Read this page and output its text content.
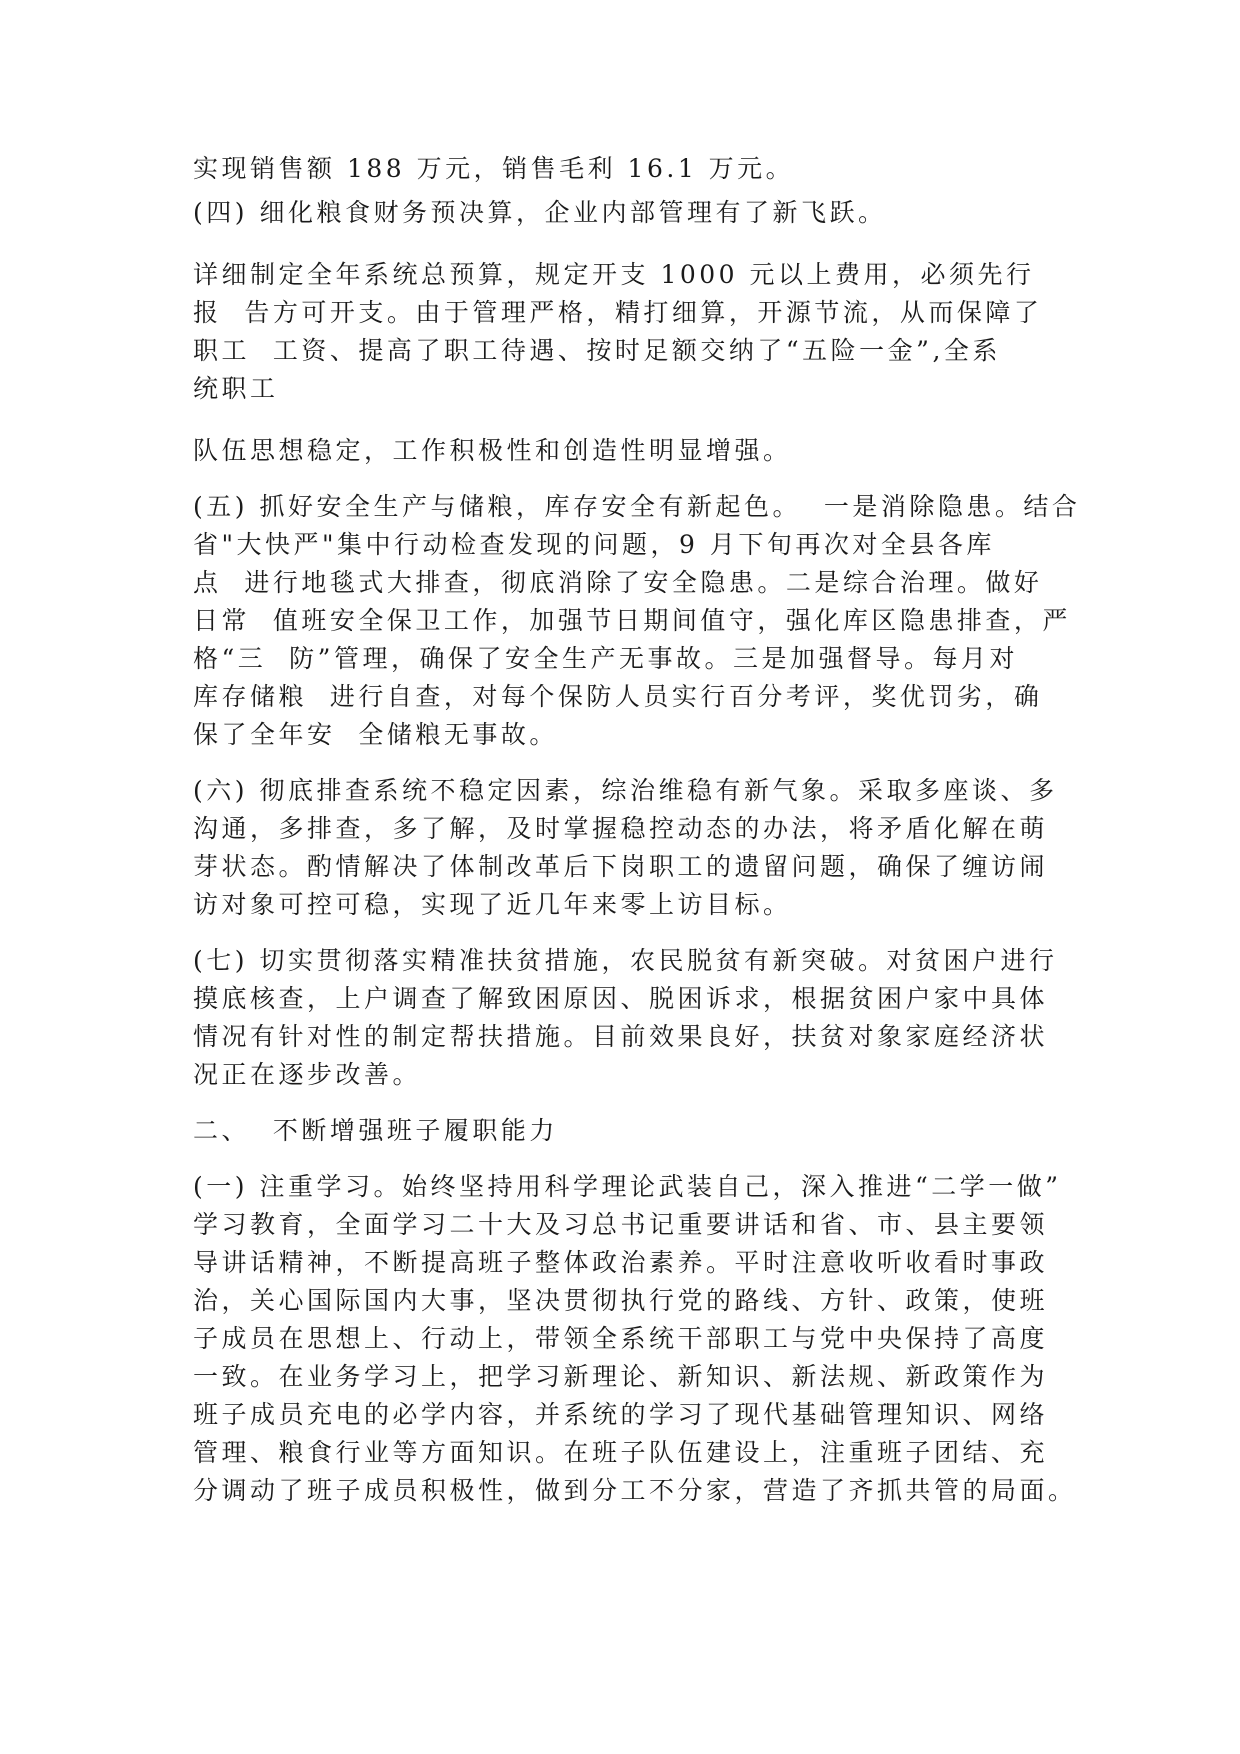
实现销售额 188 万元，销售毛利 16.1 万元。

(四) 细化粮食财务预决算，企业内部管理有了新飞跃。

详细制定全年系统总预算，规定开支 1000 元以上费用，必须先行

报  告方可开支。由于管理严格，精打细算，开源节流，从而保障了

职工  工资、提高了职工待遇、按时足额交纳了“五险一金”,全系

统职工

队伍思想稳定，工作积极性和创造性明显增强。

(五) 抓好安全生产与储粮，库存安全有新起色。  一是消除隐患。结合

省"大快严"集中行动检查发现的问题，9 月下旬再次对全县各库

点  进行地毯式大排查，彻底消除了安全隐患。二是综合治理。做好

日常  值班安全保卫工作，加强节日期间值守，强化库区隐患排查，严

格“三  防”管理，确保了安全生产无事故。三是加强督导。每月对

库存储粮  进行自查，对每个保防人员实行百分考评，奖优罚劣，确

保了全年安  全储粮无事故。

(六) 彻底排查系统不稳定因素，综治维稳有新气象。采取多座谈、多

沟通，多排查，多了解，及时掌握稳控动态的办法，将矛盾化解在萌

芽状态。酌情解决了体制改革后下岗职工的遗留问题，确保了缠访闹

访对象可控可稳，实现了近几年来零上访目标。

(七) 切实贯彻落实精准扶贫措施，农民脱贫有新突破。对贫困户进行

摸底核查，上户调查了解致困原因、脱困诉求，根据贫困户家中具体

情况有针对性的制定帮扶措施。目前效果良好，扶贫对象家庭经济状

况正在逐步改善。

二、  不断增强班子履职能力

(一) 注重学习。始终坚持用科学理论武装自己，深入推进“二学一做”

学习教育，全面学习二十大及习总书记重要讲话和省、市、县主要领

导讲话精神，不断提高班子整体政治素养。平时注意收听收看时事政

治，关心国际国内大事，坚决贯彻执行党的路线、方针、政策，使班

子成员在思想上、行动上，带领全系统干部职工与党中央保持了高度

一致。在业务学习上，把学习新理论、新知识、新法规、新政策作为

班子成员充电的必学内容，并系统的学习了现代基础管理知识、网络

管理、粮食行业等方面知识。在班子队伍建设上，注重班子团结、充

分调动了班子成员积极性，做到分工不分家，营造了齐抓共管的局面。
